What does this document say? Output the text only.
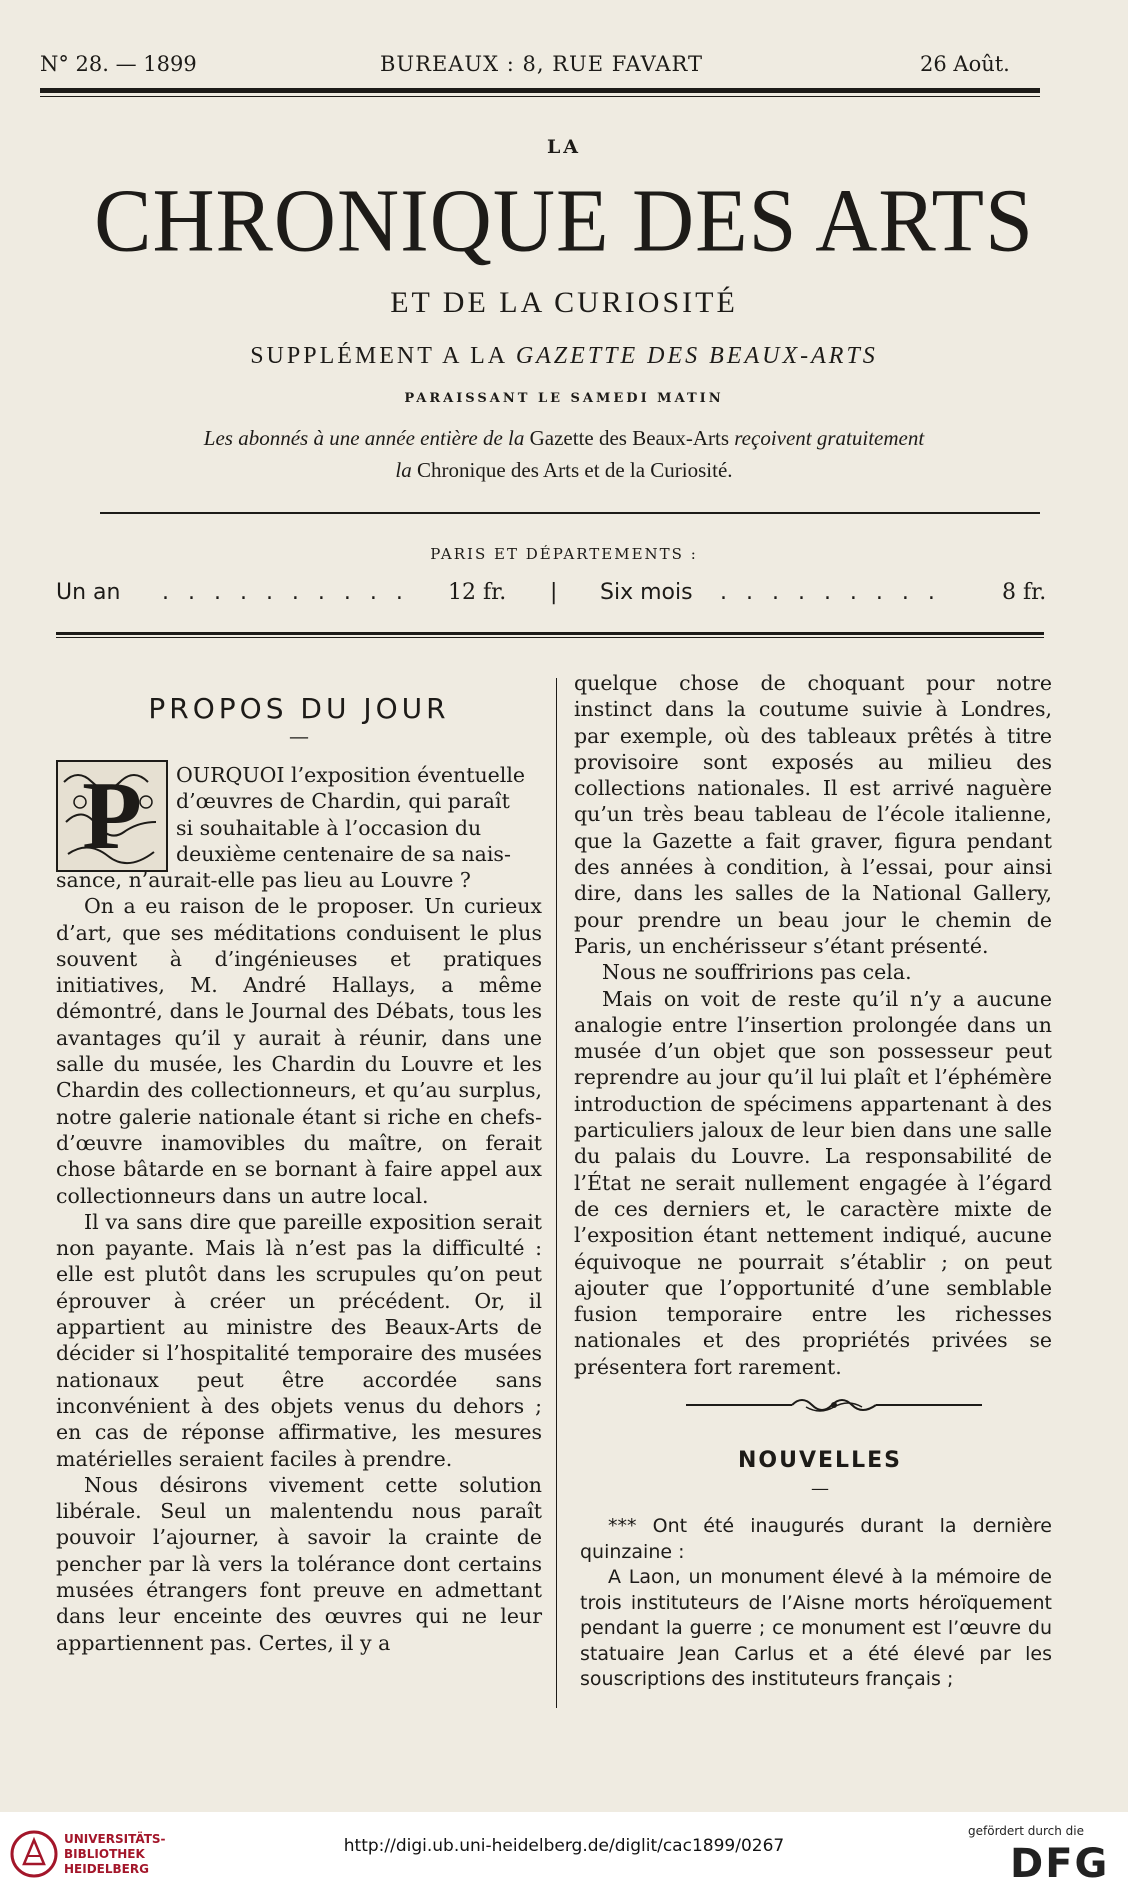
N° 28. — 1899	BUREAUX : 8, RUE FAVART	26 Août.
LA
CHRONIQUE DES ARTS
ET DE LA CURIOSITÉ
SUPPLÉMENT A LA GAZETTE DES BEAUX-ARTS
PARAISSANT LE SAMEDI MATIN
Les abonnés à une année entière de la Gazette des Beaux-Arts reçoivent gratuitement
la Chronique des Arts et de la Curiosité.
PARIS ET DÉPARTEMENTS :
Un an . . . . . . . . . . 12 fr. | Six mois . . . . . . . . .	8 fr.
PROPOS DU JOUR
—
P	OURQUOI l’exposition éventuelle

d’œuvres de Chardin, qui paraît

si souhaitable à l’occasion du

deuxième centenaire de sa nais-

sance, n’aurait-elle pas lieu au Louvre ?

On a eu raison de le proposer. Un curieux d’art, que ses méditations conduisent le plus souvent à d’ingénieuses et pratiques initiatives, M. André Hallays, a même démontré, dans le Journal des Débats, tous les avantages qu’il y aurait à réunir, dans une salle du musée, les Chardin du Louvre et les Chardin des collectionneurs, et qu’au surplus, notre galerie nationale étant si riche en chefs-d’œuvre inamovibles du maître, on ferait chose bâtarde en se bornant à faire appel aux collectionneurs dans un autre local.

Il va sans dire que pareille exposition serait non payante. Mais là n’est pas la difficulté : elle est plutôt dans les scrupules qu’on peut éprouver à créer un précédent. Or, il appartient au ministre des Beaux-Arts de décider si l’hospitalité temporaire des musées nationaux peut être accordée sans inconvénient à des objets venus du dehors ; en cas de réponse affirmative, les mesures matérielles seraient faciles à prendre.

Nous désirons vivement cette solution libérale. Seul un malentendu nous paraît pouvoir l’ajourner, à savoir la crainte de pencher par là vers la tolérance dont certains musées étrangers font preuve en admettant dans leur enceinte des œuvres qui ne leur appartiennent pas. Certes, il y a

quelque chose de choquant pour notre instinct dans la coutume suivie à Londres, par exemple, où des tableaux prêtés à titre provisoire sont exposés au milieu des collections nationales. Il est arrivé naguère qu’un très beau tableau de l’école italienne, que la Gazette a fait graver, figura pendant des années à condition, à l’essai, pour ainsi dire, dans les salles de la National Gallery, pour prendre un beau jour le chemin de Paris, un enchérisseur s’étant présenté.

Nous ne souffririons pas cela.

Mais on voit de reste qu’il n’y a aucune analogie entre l’insertion prolongée dans un musée d’un objet que son possesseur peut reprendre au jour qu’il lui plaît et l’éphémère introduction de spécimens appartenant à des particuliers jaloux de leur bien dans une salle du palais du Louvre. La responsabilité de l’État ne serait nullement engagée à l’égard de ces derniers et, le caractère mixte de l’exposition étant nettement indiqué, aucune équivoque ne pourrait s’établir ; on peut ajouter que l’opportunité d’une semblable fusion temporaire entre les richesses nationales et des propriétés privées se présentera fort rarement.

NOUVELLES
—

*** Ont été inaugurés durant la dernière quinzaine :

A Laon, un monument élevé à la mémoire de trois instituteurs de l’Aisne morts héroïquement pendant la guerre ; ce monument est l’œuvre du statuaire Jean Carlus et a été élevé par les souscriptions des instituteurs français ;

UNIVERSITÄTS-
BIBLIOTHEK
HEIDELBERG
http://digi.ub.uni-heidelberg.de/diglit/cac1899/0267
gefördert durch die
DFG
